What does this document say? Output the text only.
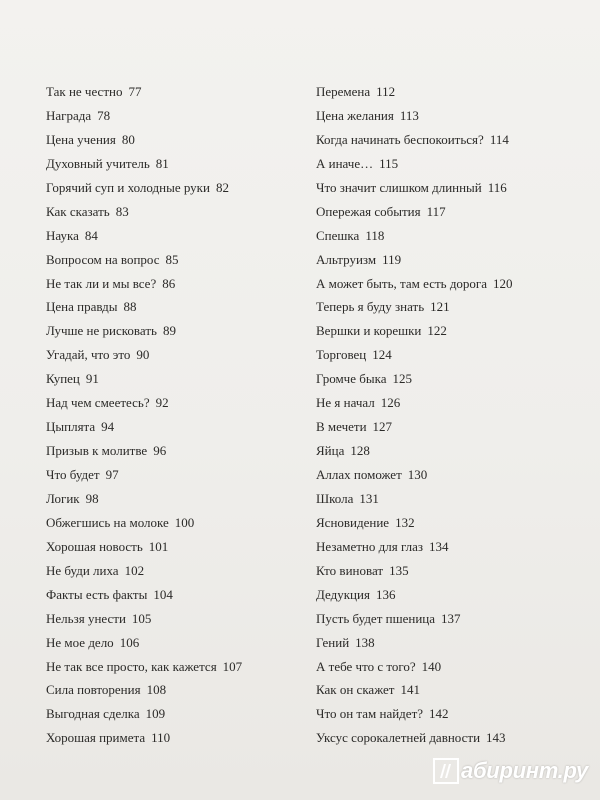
Так не честно 77
Награда 78
Цена учения 80
Духовный учитель 81
Горячий суп и холодные руки 82
Как сказать 83
Наука 84
Вопросом на вопрос 85
Не так ли и мы все? 86
Цена правды 88
Лучше не рисковать 89
Угадай, что это 90
Купец 91
Над чем смеетесь? 92
Цыплята 94
Призыв к молитве 96
Что будет 97
Логик 98
Обжегшись на молоке 100
Хорошая новость 101
Не буди лиха 102
Факты есть факты 104
Нельзя унести 105
Не мое дело 106
Не так все просто, как кажется 107
Сила повторения 108
Выгодная сделка 109
Хорошая примета 110
Перемена 112
Цена желания 113
Когда начинать беспокоиться? 114
А иначе… 115
Что значит слишком длинный 116
Опережая события 117
Спешка 118
Альтруизм 119
А может быть, там есть дорога 120
Теперь я буду знать 121
Вершки и корешки 122
Торговец 124
Громче быка 125
Не я начал 126
В мечети 127
Яйца 128
Аллах поможет 130
Школа 131
Ясновидение 132
Незаметно для глаз 134
Кто виноват 135
Дедукция 136
Пусть будет пшеница 137
Гений 138
А тебе что с того? 140
Как он скажет 141
Что он там найдет? 142
Уксус сорокалетней давности 143
абиринт.ру
